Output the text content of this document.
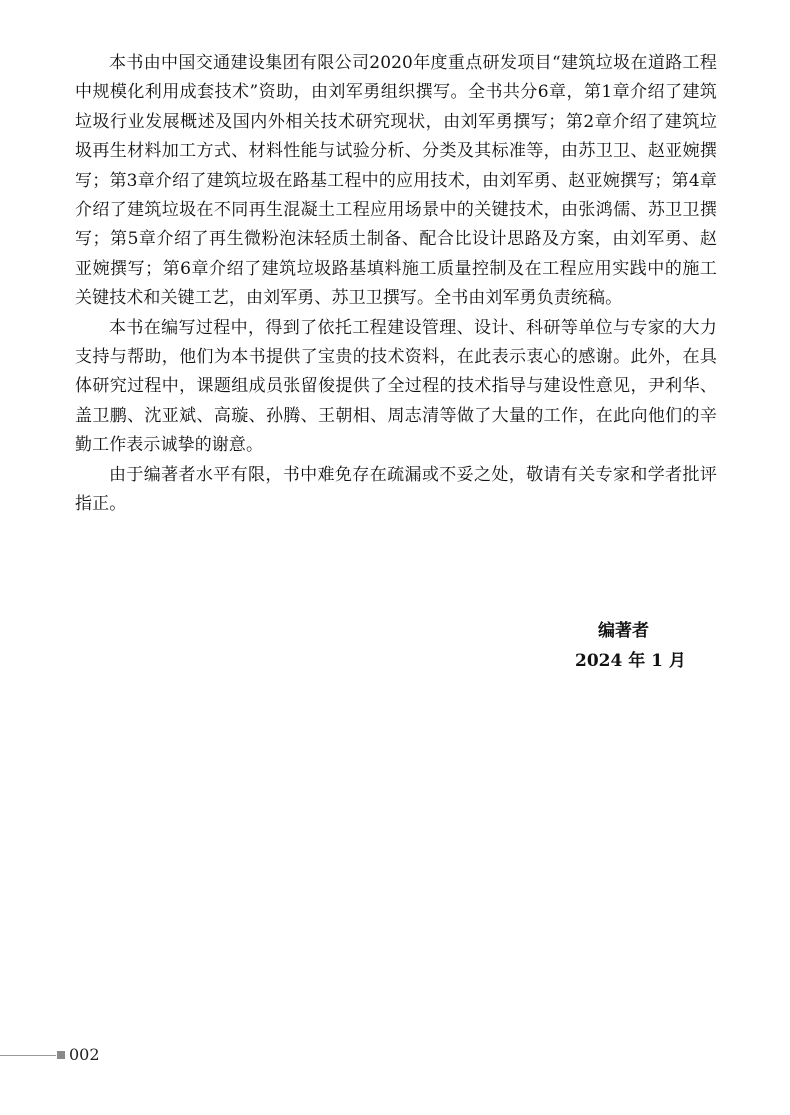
本书由中国交通建设集团有限公司2020年度重点研发项目“建筑垃圾在道路工程中规模化利用成套技术”资助，由刘军勇组织撰写。全书共分6章，第1章介绍了建筑垃圾行业发展概述及国内外相关技术研究现状，由刘军勇撰写；第2章介绍了建筑垃圾再生材料加工方式、材料性能与试验分析、分类及其标准等，由苏卫卫、赵亚婉撰写；第3章介绍了建筑垃圾在路基工程中的应用技术，由刘军勇、赵亚婉撰写；第4章介绍了建筑垃圾在不同再生混凝土工程应用场景中的关键技术，由张鸿儒、苏卫卫撰写；第5章介绍了再生微粉泡沫轻质土制备、配合比设计思路及方案，由刘军勇、赵亚婉撰写；第6章介绍了建筑垃圾路基填料施工质量控制及在工程应用实践中的施工关键技术和关键工艺，由刘军勇、苏卫卫撰写。全书由刘军勇负责统稿。

本书在编写过程中，得到了依托工程建设管理、设计、科研等单位与专家的大力支持与帮助，他们为本书提供了宝贵的技术资料，在此表示衷心的感谢。此外，在具体研究过程中，课题组成员张留俊提供了全过程的技术指导与建设性意见，尹利华、盖卫鹏、沈亚斌、高璇、孙腾、王朝相、周志清等做了大量的工作，在此向他们的辛勤工作表示诚挚的谢意。

由于编著者水平有限，书中难免存在疏漏或不妥之处，敬请有关专家和学者批评指正。

编著者
2024 年 1 月
002
